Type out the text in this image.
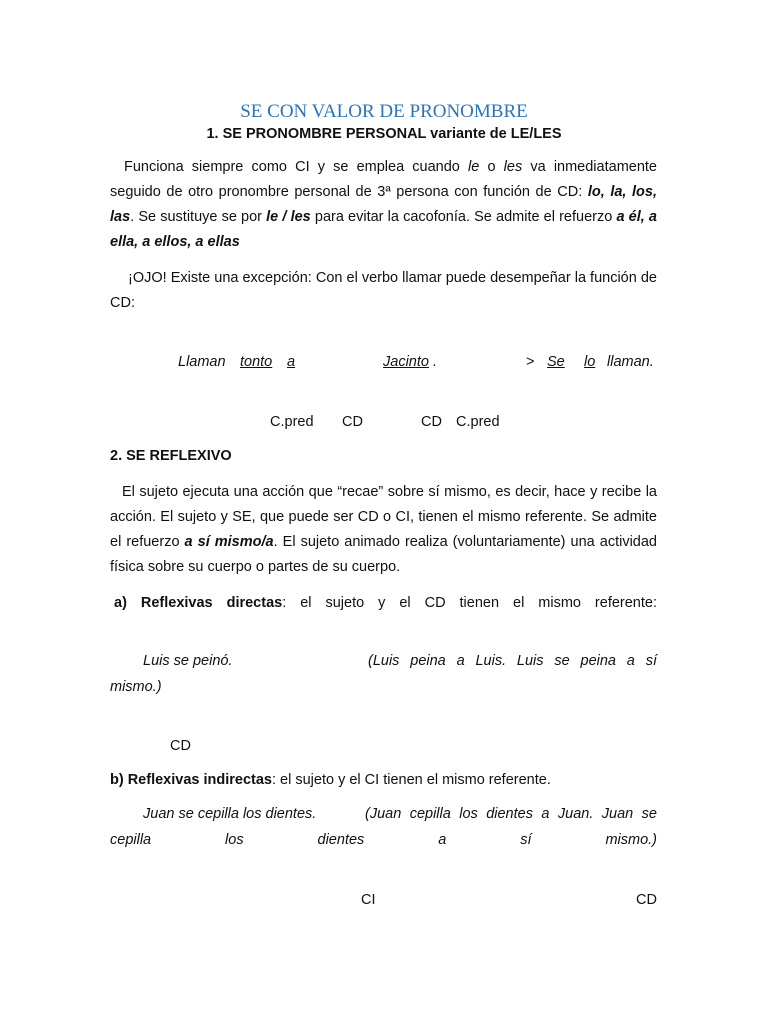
SE CON VALOR DE PRONOMBRE
1. SE PRONOMBRE PERSONAL variante de LE/LES
Funciona siempre como CI y se emplea cuando le o les va inmediatamente seguido de otro pronombre personal de 3ª persona con función de CD: lo, la, los, las. Se sustituye se por le / les para evitar la cacofonía. Se admite el refuerzo a él, a ella, a ellos, a ellas
¡OJO! Existe una excepción: Con el verbo llamar puede desempeñar la función de CD:
Llaman tonto a	Jacinto .	> Se lo llaman.
C.pred CD	CD C.pred
2. SE REFLEXIVO
El sujeto ejecuta una acción que “recae” sobre sí mismo, es decir, hace y recibe la acción. El sujeto y SE, que puede ser CD o CI, tienen el mismo referente. Se admite el refuerzo a sí mismo/a. El sujeto animado realiza (voluntariamente) una actividad física sobre su cuerpo o partes de su cuerpo.
a) Reflexivas directas: el sujeto y el CD tienen el mismo referente:
Luis se peinó.	(Luis peina a Luis. Luis se peina a sí
mismo.)
CD
b) Reflexivas indirectas: el sujeto y el CI tienen el mismo referente.
Juan se cepilla los dientes.	(Juan cepilla los dientes a Juan. Juan se
cepilla los dientes a sí mismo.)
CI	CD
